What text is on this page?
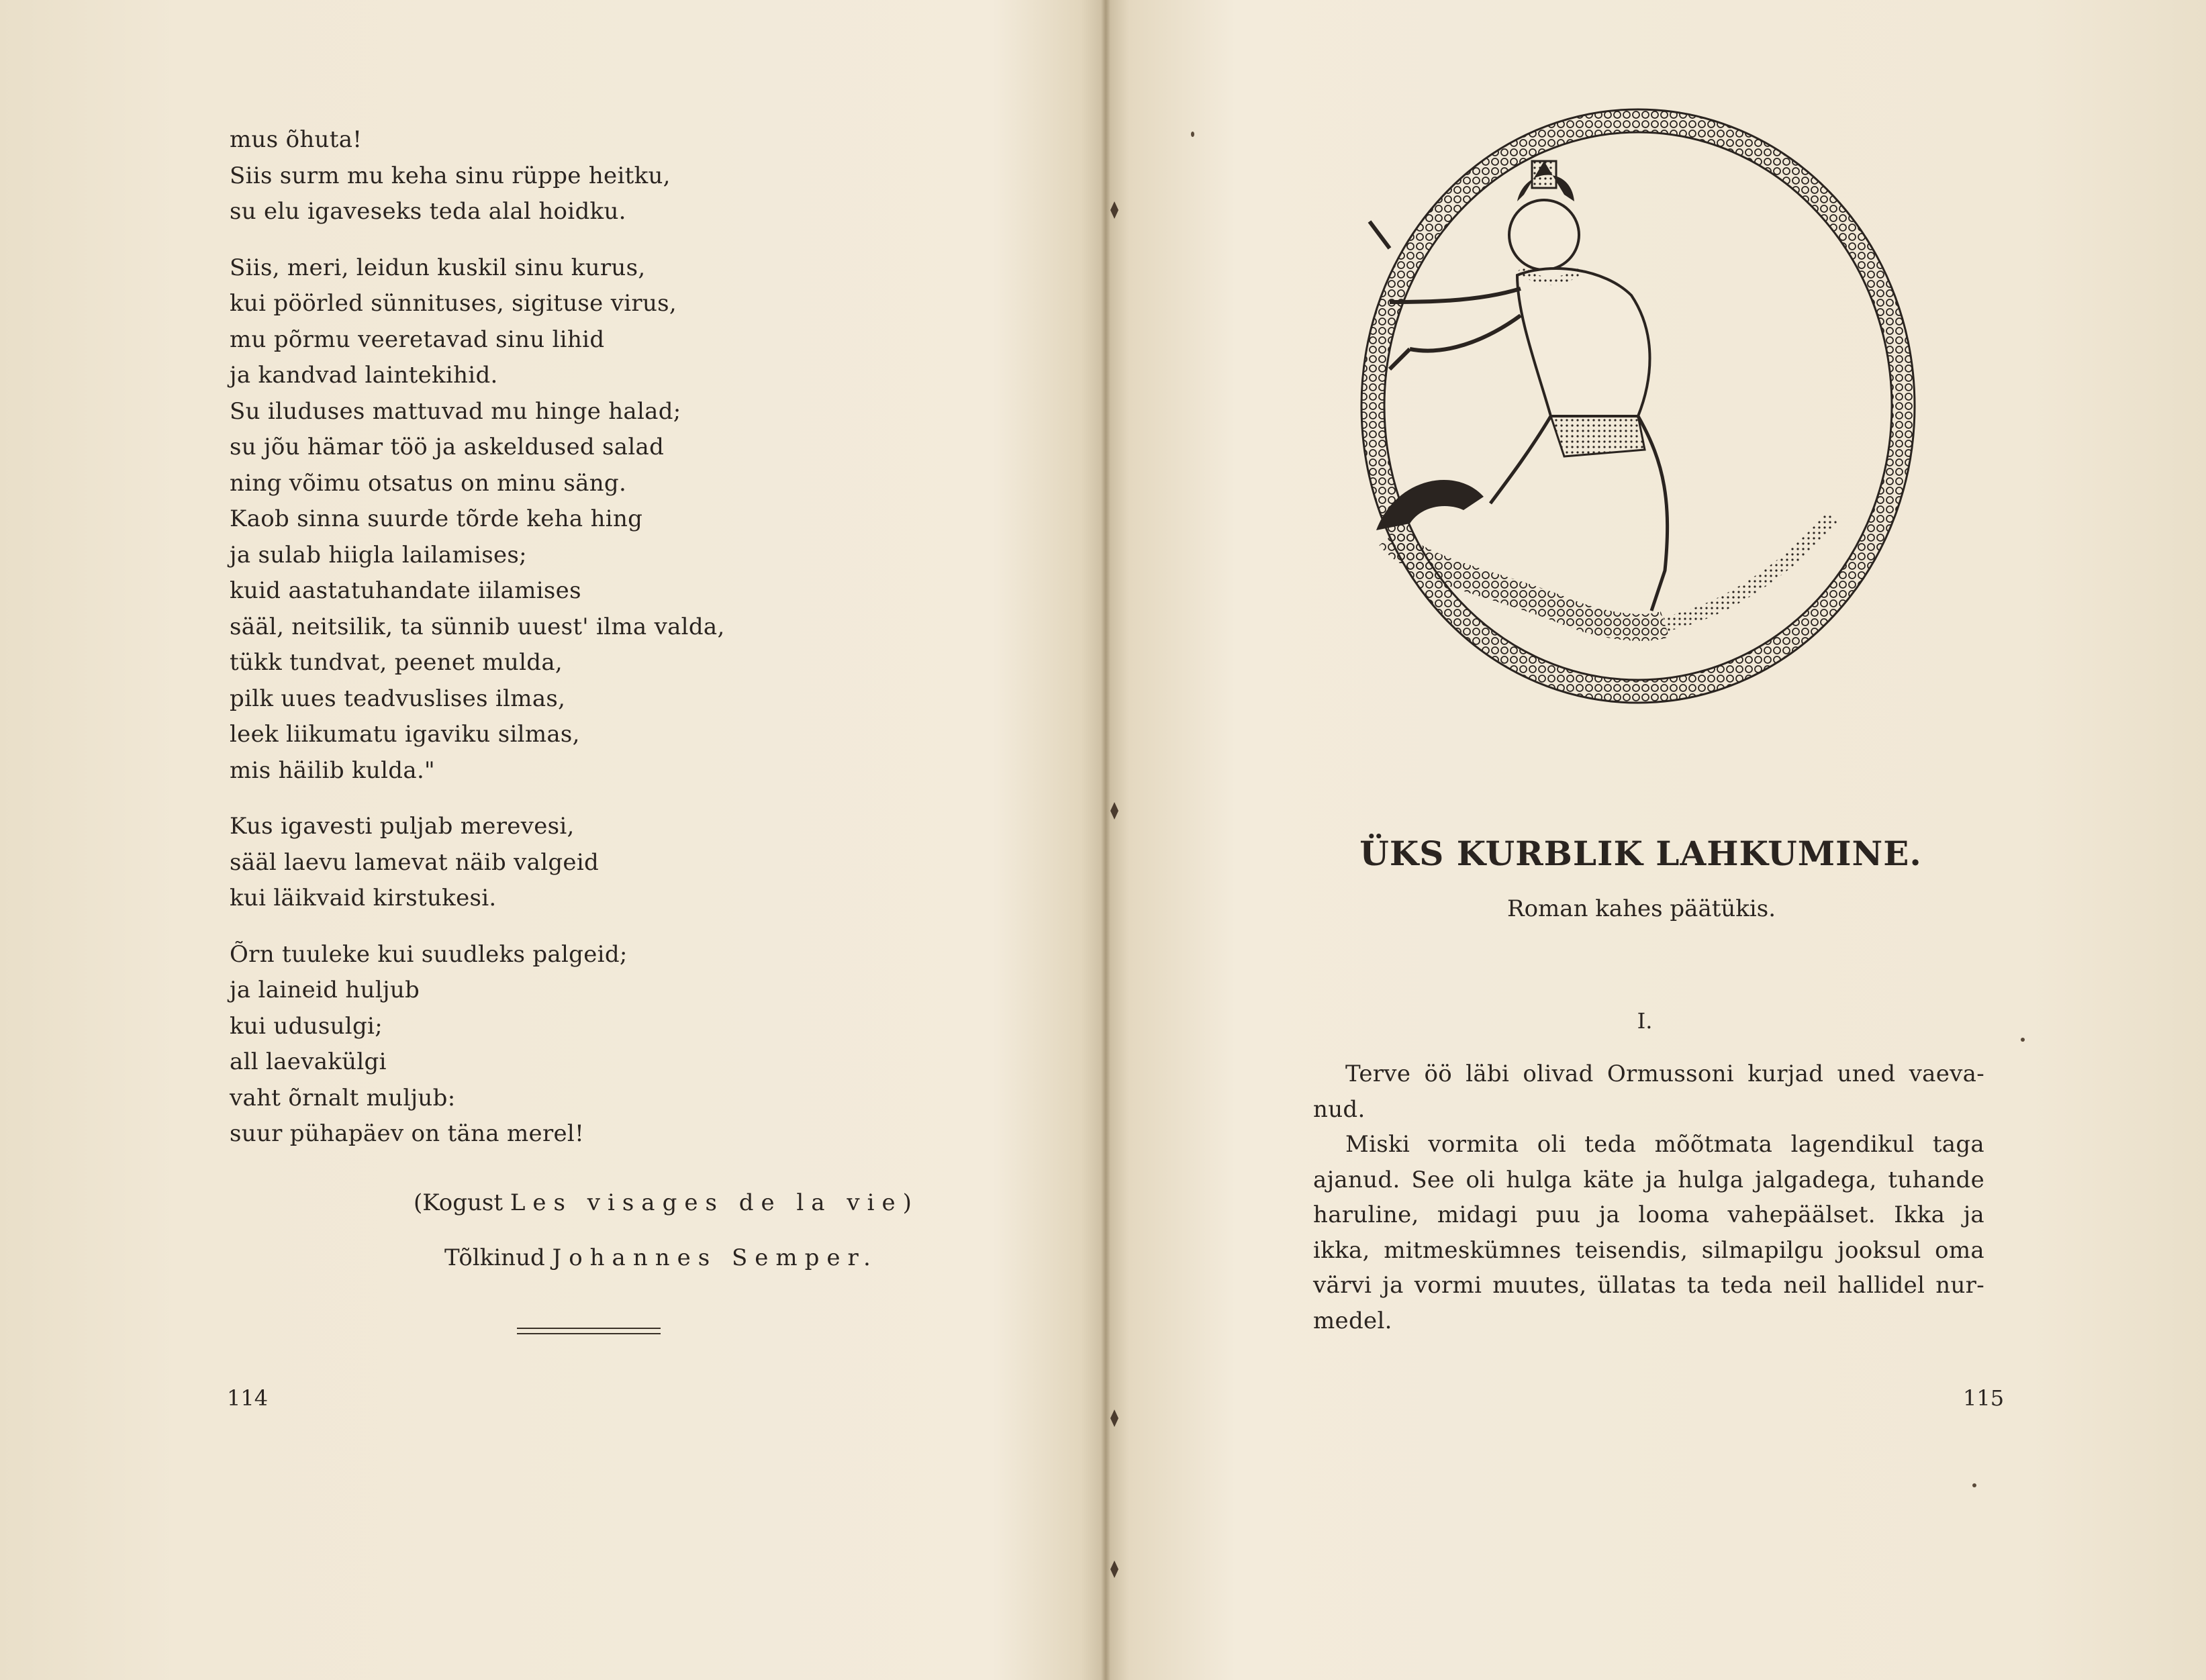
mus õhuta!
Siis surm mu keha sinu rüppe heitku,
su elu igaveseks teda alal hoidku.
Siis, meri, leidun kuskil sinu kurus,
kui pöörled sünnituses, sigituse virus,
mu põrmu veeretavad sinu lihid
ja kandvad laintekihid.
Su iluduses mattuvad mu hinge halad;
su jõu hämar töö ja askeldused salad
ning võimu otsatus on minu säng.
Kaob sinna suurde tõrde keha hing
ja sulab hiigla lailamises;
kuid aastatuhandate iilamises
sääl, neitsilik, ta sünnib uuest' ilma valda,
tükk tundvat, peenet mulda,
pilk uues teadvuslises ilmas,
leek liikumatu igaviku silmas,
mis häilib kulda."
Kus igavesti puljab merevesi,
sääl laevu lamevat näib valgeid
kui läikvaid kirstukesi.
Õrn tuuleke kui suudleks palgeid;
ja laineid huljub
kui udusulgi;
all laevakülgi
vaht õrnalt muljub:
suur pühapäev on täna merel!
(Kogust Les visages de la vie)
Tõlkinud Johannes Semper.
114
ÜKS KURBLIK LAHKUMINE.
Roman kahes päätükis.
I.
Terve öö läbi olivad Ormussoni kurjad uned vaeva-
nud.
Miski vormita oli teda mõõtmata lagendikul taga
ajanud. See oli hulga käte ja hulga jalgadega, tuhande
haruline, midagi puu ja looma vahepäälset. Ikka ja
ikka, mitmeskümnes teisendis, silmapilgu jooksul oma
värvi ja vormi muutes, üllatas ta teda neil hallidel nur-
medel.
115
